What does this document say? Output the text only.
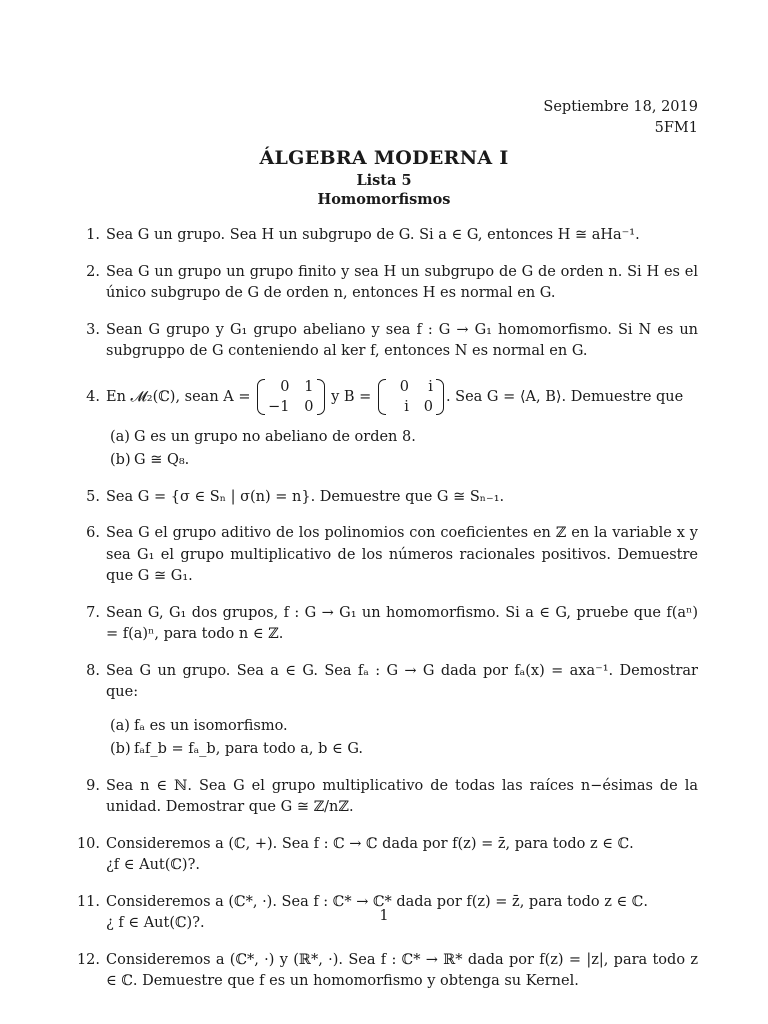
Septiembre 18, 2019
5FM1
ÁLGEBRA MODERNA I
Lista 5
Homomorfismos
1. Sea G un grupo. Sea H un subgrupo de G. Si a ∈ G, entonces H ≅ aHa⁻¹.
2. Sea G un grupo un grupo finito y sea H un subgrupo de G de orden n. Si H es el único subgrupo de G de orden n, entonces H es normal en G.
3. Sean G grupo y G₁ grupo abeliano y sea f : G → G₁ homomorfismo. Si N es un subgruppo de G conteniendo al ker f, entonces N es normal en G.
4. En 𝓜₂(ℂ), sean A =
0 1
−1 0
y B =
0 i
i 0
. Sea G = ⟨A, B⟩. Demuestre que
(a) G es un grupo no abeliano de orden 8.
(b) G ≅ Q₈.
5. Sea G = {σ ∈ Sₙ | σ(n) = n}. Demuestre que G ≅ Sₙ₋₁.
6. Sea G el grupo aditivo de los polinomios con coeficientes en ℤ en la variable x y sea G₁ el grupo multiplicativo de los números racionales positivos. Demuestre que G ≅ G₁.
7. Sean G, G₁ dos grupos, f : G → G₁ un homomorfismo. Si a ∈ G, pruebe que f(aⁿ) = f(a)ⁿ, para todo n ∈ ℤ.
8. Sea G un grupo. Sea a ∈ G. Sea fₐ : G → G dada por fₐ(x) = axa⁻¹. Demostrar que:
(a) fₐ es un isomorfismo.
(b) fₐf_b = fₐ_b, para todo a, b ∈ G.
9. Sea n ∈ ℕ. Sea G el grupo multiplicativo de todas las raíces n−ésimas de la unidad. Demostrar que G ≅ ℤ/nℤ.
10. Consideremos a (ℂ, +). Sea f : ℂ → ℂ dada por f(z) = z̄, para todo z ∈ ℂ.
¿f ∈ Aut(ℂ)?.
11. Consideremos a (ℂ*, ·). Sea f : ℂ* → ℂ* dada por f(z) = z̄, para todo z ∈ ℂ.
¿ f ∈ Aut(ℂ)?.
12. Consideremos a (ℂ*, ·) y (ℝ*, ·). Sea f : ℂ* → ℝ* dada por f(z) = |z|, para todo z ∈ ℂ. Demuestre que f es un homomorfismo y obtenga su Kernel.
1
